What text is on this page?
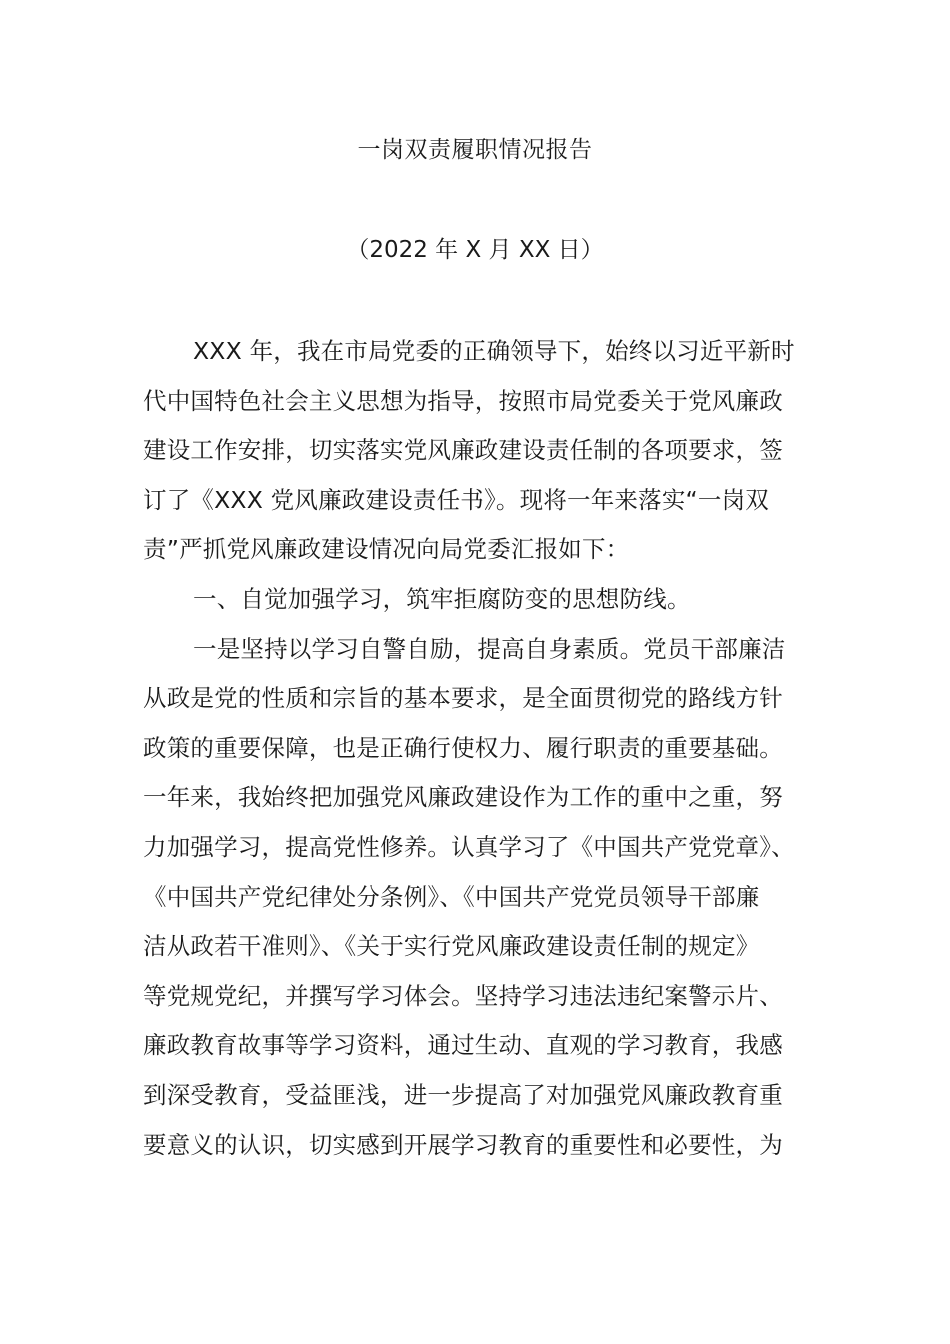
一岗双责履职情况报告
（2022 年 X 月 XX 日）
XXX 年，我在市局党委的正确领导下，始终以习近平新时
代中国特色社会主义思想为指导，按照市局党委关于党风廉政
建设工作安排，切实落实党风廉政建设责任制的各项要求，签
订了《XXX 党风廉政建设责任书》。现将一年来落实“一岗双
责”严抓党风廉政建设情况向局党委汇报如下：
一、自觉加强学习，筑牢拒腐防变的思想防线。
一是坚持以学习自警自励，提高自身素质。党员干部廉洁
从政是党的性质和宗旨的基本要求，是全面贯彻党的路线方针
政策的重要保障，也是正确行使权力、履行职责的重要基础。
一年来，我始终把加强党风廉政建设作为工作的重中之重，努
力加强学习，提高党性修养。认真学习了《中国共产党党章》、
《中国共产党纪律处分条例》、《中国共产党党员领导干部廉
洁从政若干准则》、《关于实行党风廉政建设责任制的规定》
等党规党纪，并撰写学习体会。坚持学习违法违纪案警示片、
廉政教育故事等学习资料，通过生动、直观的学习教育，我感
到深受教育，受益匪浅，进一步提高了对加强党风廉政教育重
要意义的认识，切实感到开展学习教育的重要性和必要性，为
